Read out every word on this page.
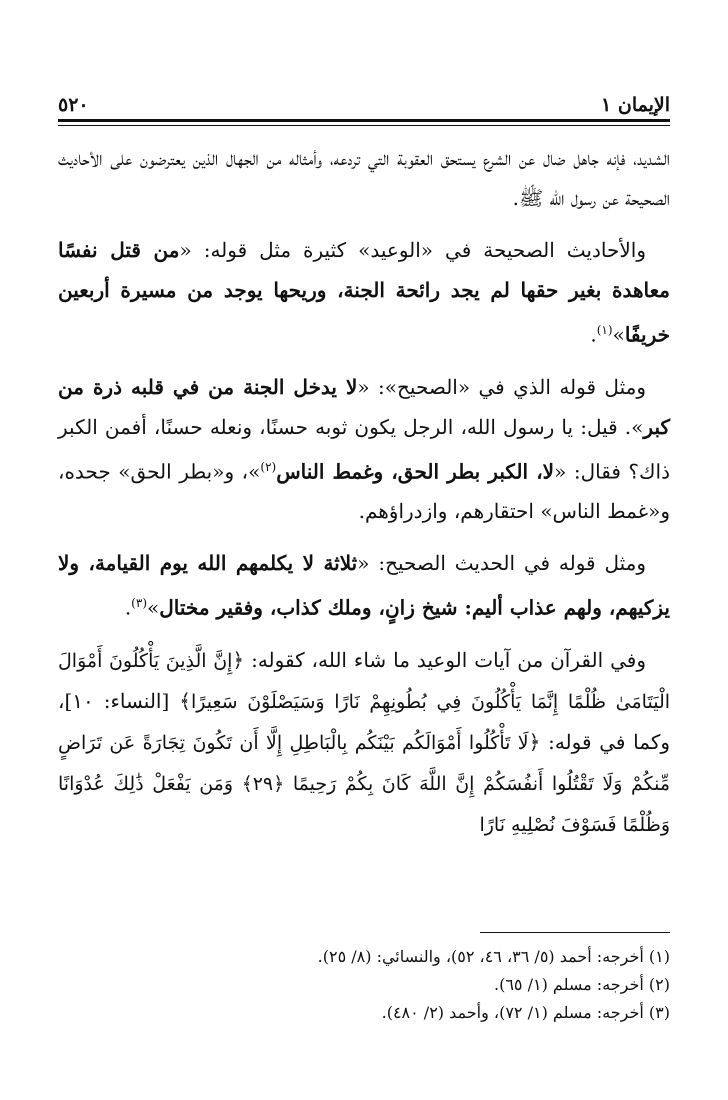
الإيمان ١
٥٢٠

الشديد، فإنه جاهل ضال عن الشرع يستحق العقوبة التي تردعه، وأمثاله من الجهال الذين يعترضون على الأحاديث الصحيحة عن رسول الله ﷺ.

والأحاديث الصحيحة في «الوعيد» كثيرة مثل قوله: «من قتل نفسًا معاهدة بغير حقها لم يجد رائحة الجنة، وريحها يوجد من مسيرة أربعين خريفًا»$^{(١)}$.

ومثل قوله الذي في «الصحيح»: «لا يدخل الجنة من في قلبه ذرة من كبر». قيل: يا رسول الله، الرجل يكون ثوبه حسنًا، ونعله حسنًا، أفمن الكبر ذاك؟ فقال: «لا، الكبر بطر الحق، وغمط الناس$^{(٢)}$»، و«بطر الحق» جحده، و«غمط الناس» احتقارهم، وازدراؤهم.

ومثل قوله في الحديث الصحيح: «ثلاثة لا يكلمهم الله يوم القيامة، ولا يزكيهم، ولهم عذاب أليم: شيخ زانٍ، وملك كذاب، وفقير مختال»$^{(٣)}$.

وفي القرآن من آيات الوعيد ما شاء الله، كقوله: ﴿إِنَّ الَّذِينَ يَأْكُلُونَ أَمْوَالَ الْيَتَامَىٰ ظُلْمًا إِنَّمَا يَأْكُلُونَ فِي بُطُونِهِمْ نَارًا وَسَيَصْلَوْنَ سَعِيرًا﴾ [النساء: ١٠]، وكما في قوله: ﴿لَا تَأْكُلُوا أَمْوَالَكُم بَيْنَكُم بِالْبَاطِلِ إِلَّا أَن تَكُونَ تِجَارَةً عَن تَرَاضٍ مِّنكُمْ وَلَا تَقْتُلُوا أَنفُسَكُمْ إِنَّ اللَّهَ كَانَ بِكُمْ رَحِيمًا ﴿٢٩﴾ وَمَن يَفْعَلْ ذَٰلِكَ عُدْوَانًا وَظُلْمًا فَسَوْفَ نُصْلِيهِ نَارًا

(١) أخرجه: أحمد (٥/ ٣٦، ٤٦، ٥٢)، والنسائي: (٨/ ٢٥).
(٢) أخرجه: مسلم (١/ ٦٥).
(٣) أخرجه: مسلم (١/ ٧٢)، وأحمد (٢/ ٤٨٠).
